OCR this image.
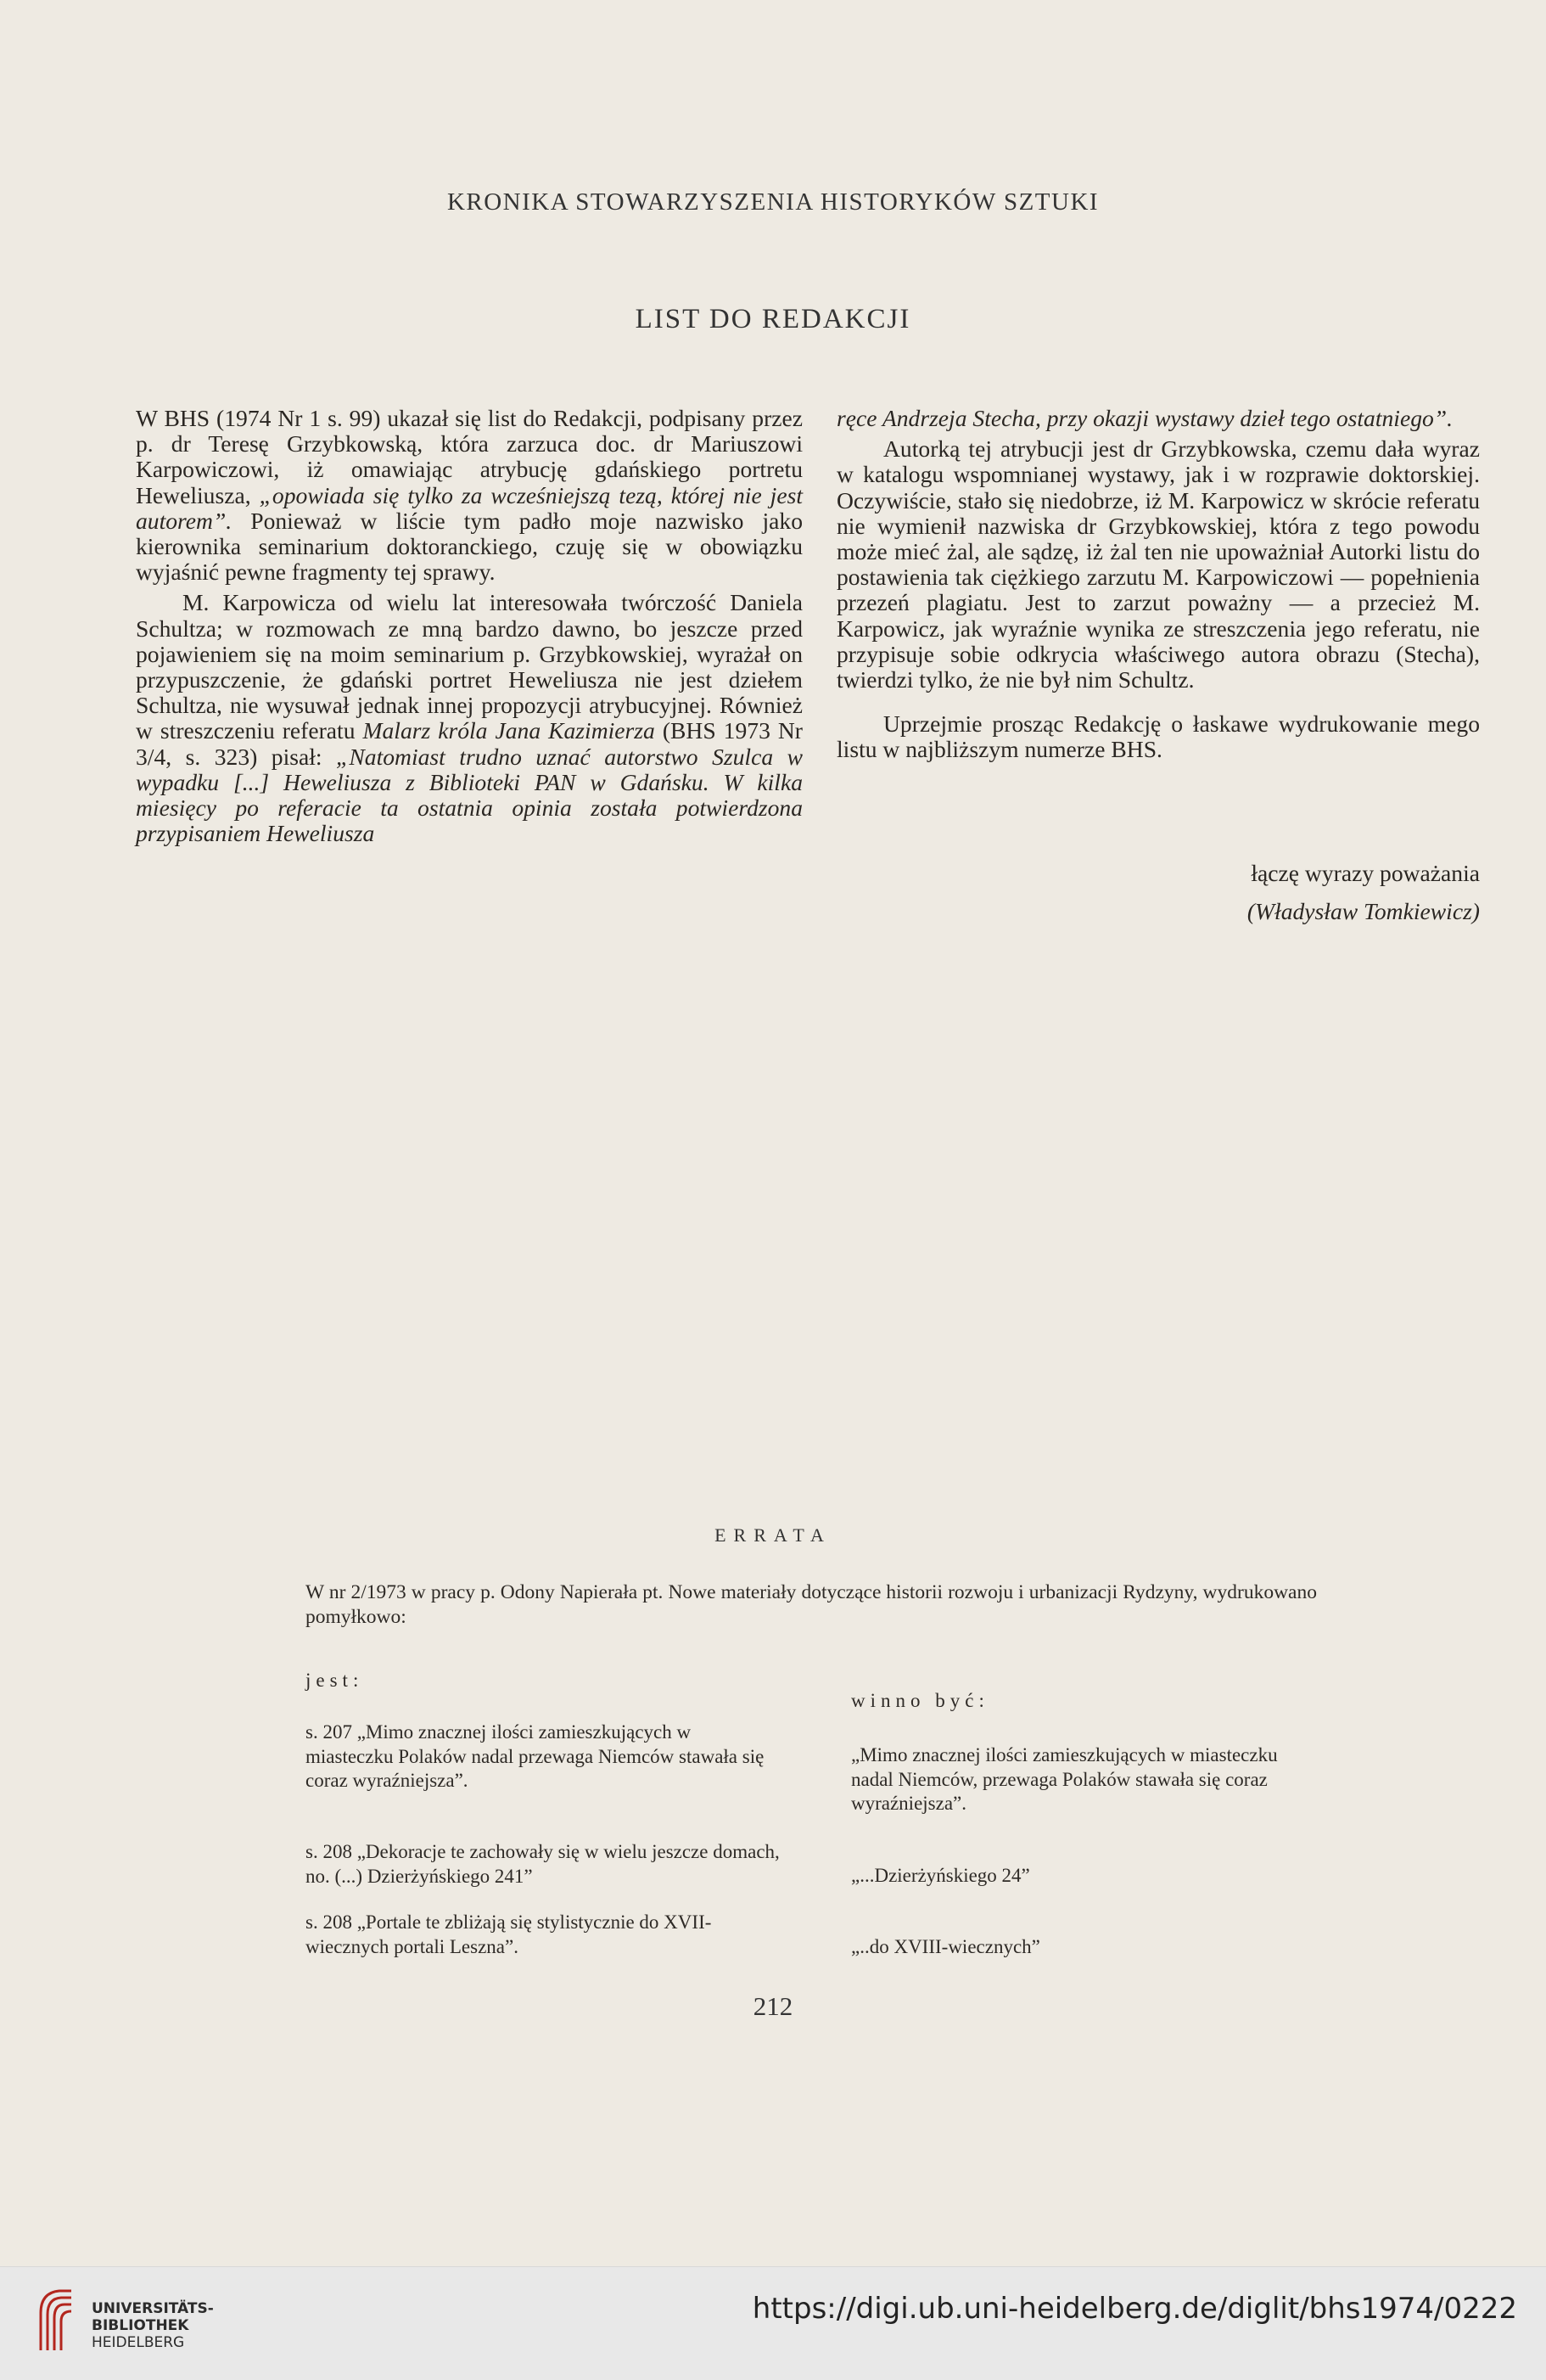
KRONIKA STOWARZYSZENIA HISTORYKÓW SZTUKI
LIST DO REDAKCJI

W BHS (1974 Nr 1 s. 99) ukazał się list do Redakcji, podpisany przez p. dr Teresę Grzybkowską, która zarzuca doc. dr Mariuszowi Karpowiczowi, iż omawiając atrybucję gdańskiego portretu Heweliusza, „opowiada się tylko za wcześniejszą tezą, której nie jest autorem”. Ponieważ w liście tym padło moje nazwisko jako kierownika seminarium doktoranckiego, czuję się w obowiązku wyjaśnić pewne fragmenty tej sprawy.

M. Karpowicza od wielu lat interesowała twórczość Daniela Schultza; w rozmowach ze mną bardzo dawno, bo jeszcze przed pojawieniem się na moim seminarium p. Grzybkowskiej, wyrażał on przypuszczenie, że gdański portret Heweliusza nie jest dziełem Schultza, nie wysuwał jednak innej propozycji atrybucyjnej. Również w streszczeniu referatu Malarz króla Jana Kazimierza (BHS 1973 Nr 3/4, s. 323) pisał: „Natomiast trudno uznać autorstwo Szulca w wypadku [...] Heweliusza z Biblioteki PAN w Gdańsku. W kilka miesięcy po referacie ta ostatnia opinia została potwierdzona przypisaniem Heweliusza

ręce Andrzeja Stecha, przy okazji wystawy dzieł tego ostatniego”.

Autorką tej atrybucji jest dr Grzybkowska, czemu dała wyraz w katalogu wspomnianej wystawy, jak i w rozprawie doktorskiej. Oczywiście, stało się niedobrze, iż M. Karpowicz w skrócie referatu nie wymienił nazwiska dr Grzybkowskiej, która z tego powodu może mieć żal, ale sądzę, iż żal ten nie upoważniał Autorki listu do postawienia tak ciężkiego zarzutu M. Karpowiczowi — popełnienia przezeń plagiatu. Jest to zarzut poważny — a przecież M. Karpowicz, jak wyraźnie wynika ze streszczenia jego referatu, nie przypisuje sobie odkrycia właściwego autora obrazu (Stecha), twierdzi tylko, że nie był nim Schultz.

Uprzejmie prosząc Redakcję o łaskawe wydrukowanie mego listu w najbliższym numerze BHS.

łączę wyrazy poważania
(Władysław Tomkiewicz)
ERRATA
W nr 2/1973 w pracy p. Odony Napierała pt. Nowe materiały dotyczące historii rozwoju i urbanizacji Rydzyny, wydrukowano pomyłkowo:
jest:
winno być:
s. 207 „Mimo znacznej ilości zamieszkujących w miasteczku Polaków nadal przewaga Niemców stawała się coraz wyraźniejsza”.
„Mimo znacznej ilości zamieszkujących w miasteczku nadal Niemców, przewaga Polaków stawała się coraz wyraźniejsza”.
s. 208 „Dekoracje te zachowały się w wielu jeszcze domach, no. (...) Dzierżyńskiego 241”	„...Dzierżyńskiego 24”
s. 208 „Portale te zbliżają się stylistycznie do XVII-wiecznych portali Leszna”.	„..do XVIII-wiecznych”
212
UNIVERSITÄTS-
BIBLIOTHEK
HEIDELBERG
https://digi.ub.uni-heidelberg.de/diglit/bhs1974/0222
